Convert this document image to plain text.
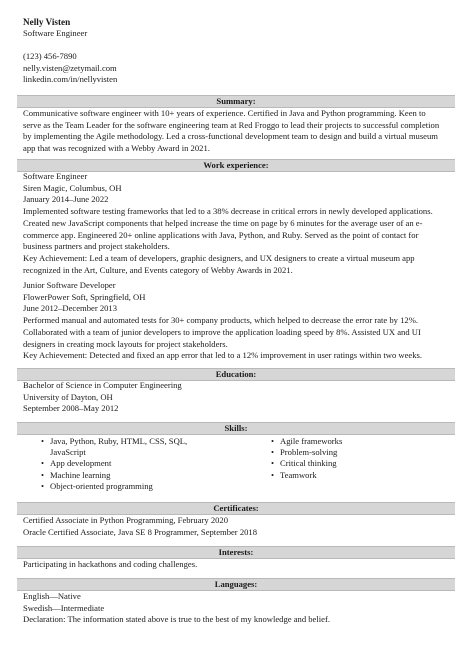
Nelly Visten
Software Engineer
(123) 456-7890
nelly.visten@zetymail.com
linkedin.com/in/nellyvisten
Summary:
Communicative software engineer with 10+ years of experience. Certified in Java and Python programming. Keen to
serve as the Team Leader for the software engineering team at Red Froggo to lead their projects to successful completion
by implementing the Agile methodology. Led a cross-functional development team to design and build a virtual museum
app that was recognized with a Webby Award in 2021.
Work experience:
Software Engineer
Siren Magic, Columbus, OH
January 2014–June 2022
Implemented software testing frameworks that led to a 38% decrease in critical errors in newly developed applications.
Created new JavaScript components that helped increase the time on page by 6 minutes for the average user of an e-
commerce app. Engineered 20+ online applications with Java, Python, and Ruby. Served as the point of contact for
business partners and project stakeholders.
Key Achievement: Led a team of developers, graphic designers, and UX designers to create a virtual museum app
recognized in the Art, Culture, and Events category of Webby Awards in 2021.
Junior Software Developer
FlowerPower Soft, Springfield, OH
June 2012–December 2013
Performed manual and automated tests for 30+ company products, which helped to decrease the error rate by 12%.
Collaborated with a team of junior developers to improve the application loading speed by 8%. Assisted UX and UI
designers in creating mock layouts for project stakeholders.
Key Achievement: Detected and fixed an app error that led to a 12% improvement in user ratings within two weeks.
Education:
Bachelor of Science in Computer Engineering
University of Dayton, OH
September 2008–May 2012
Skills:
• Java, Python, Ruby, HTML, CSS, SQL,
JavaScript
• App development
• Machine learning
• Object-oriented programming
• Agile frameworks
• Problem-solving
• Critical thinking
• Teamwork
Certificates:
Certified Associate in Python Programming, February 2020
Oracle Certified Associate, Java SE 8 Programmer, September 2018
Interests:
Participating in hackathons and coding challenges.
Languages:
English—Native
Swedish—Intermediate
Declaration: The information stated above is true to the best of my knowledge and belief.
